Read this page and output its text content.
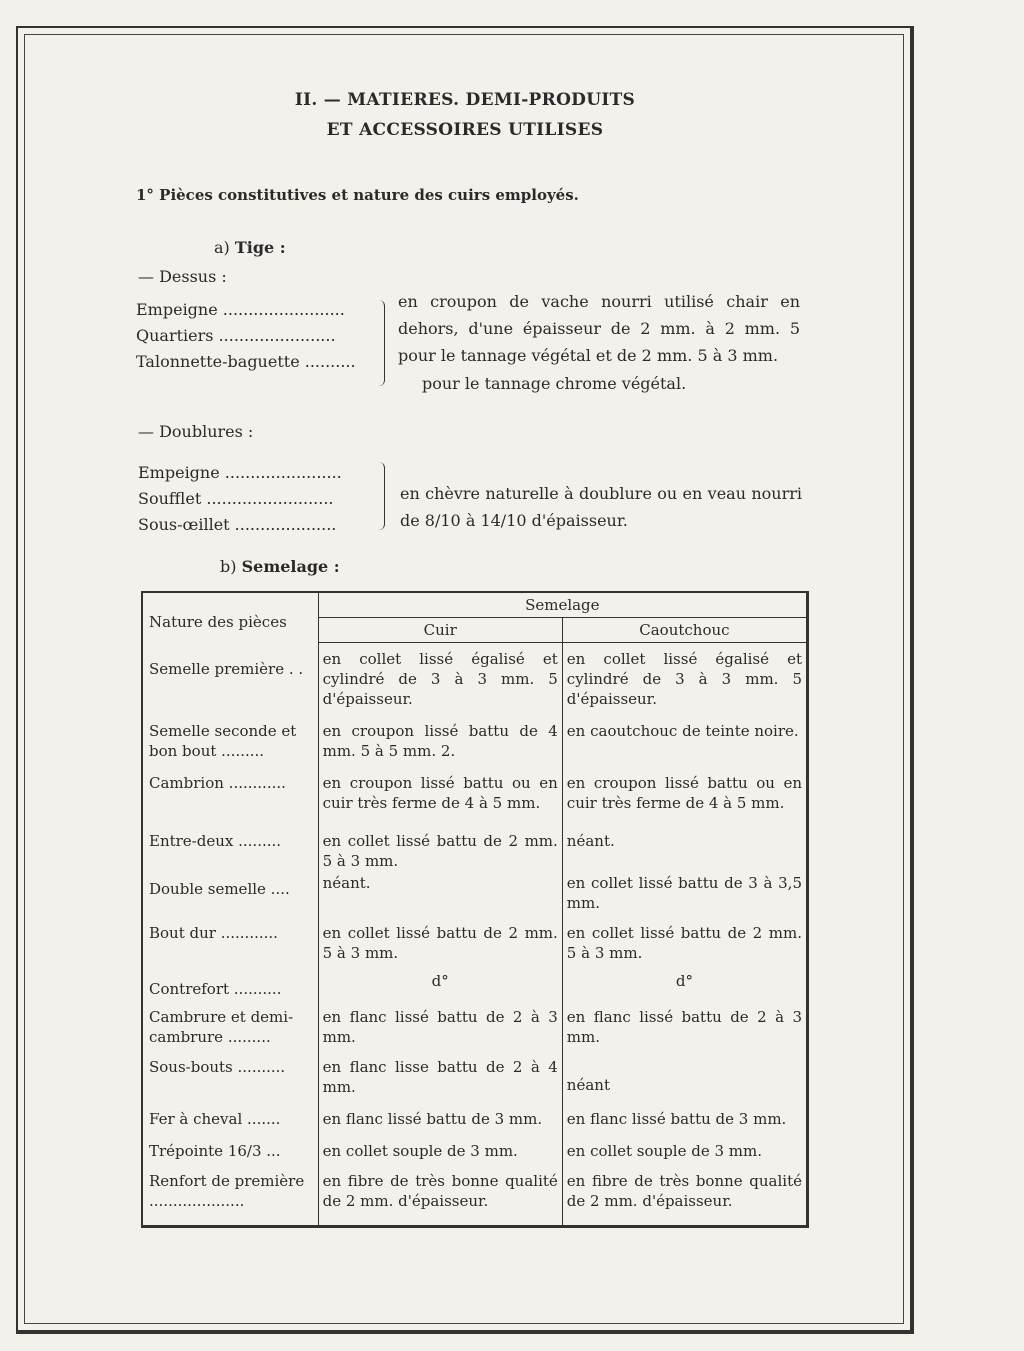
II. — MATIERES. DEMI-PRODUITS
ET ACCESSOIRES UTILISES
1° Pièces constitutives et nature des cuirs employés.
a) Tige :
— Dessus :
Empeigne ........................
Quartiers .......................
Talonnette-baguette ..........
en croupon de vache nourri utilisé chair en dehors, d'une épaisseur de 2 mm. à 2 mm. 5 pour le tannage végétal et de 2 mm. 5 à 3 mm.
pour le tannage chrome végétal.
— Doublures :
Empeigne .......................
Soufflet .........................
Sous-œillet ....................
en chèvre naturelle à doublure ou en veau nourri de 8/10 à 14/10 d'épaisseur.
b) Semelage :
Nature des pièces	Semelage	
	Cuir	Caoutchouc
Semelle première . .	en collet lissé égalisé et cylindré de 3 à 3 mm. 5 d'épaisseur.	en collet lissé égalisé et cylindré de 3 à 3 mm. 5 d'épaisseur.
Semelle seconde et bon bout .........	en croupon lissé battu de 4 mm. 5 à 5 mm. 2.	en caoutchouc de teinte noire.
Cambrion ............	en croupon lissé battu ou en cuir très ferme de 4 à 5 mm.	en croupon lissé battu ou en cuir très ferme de 4 à 5 mm.
Entre-deux .........	en collet lissé battu de 2 mm. 5 à 3 mm.	néant.
Double semelle ....	néant.	en collet lissé battu de 3 à 3,5 mm.
Bout dur ............	en collet lissé battu de 2 mm. 5 à 3 mm.	en collet lissé battu de 2 mm. 5 à 3 mm.
Contrefort ..........	d°	d°
Cambrure et demi-cambrure .........	en flanc lissé battu de 2 à 3 mm.	en flanc lissé battu de 2 à 3 mm.
Sous-bouts ..........	en flanc lisse battu de 2 à 4 mm.	néant
Fer à cheval .......	en flanc lissé battu de 3 mm.	en flanc lissé battu de 3 mm.
Trépointe 16/3 ...	en collet souple de 3 mm.	en collet souple de 3 mm.
Renfort de première ....................	en fibre de très bonne qualité de 2 mm. d'épaisseur.	en fibre de très bonne qualité de 2 mm. d'épaisseur.
